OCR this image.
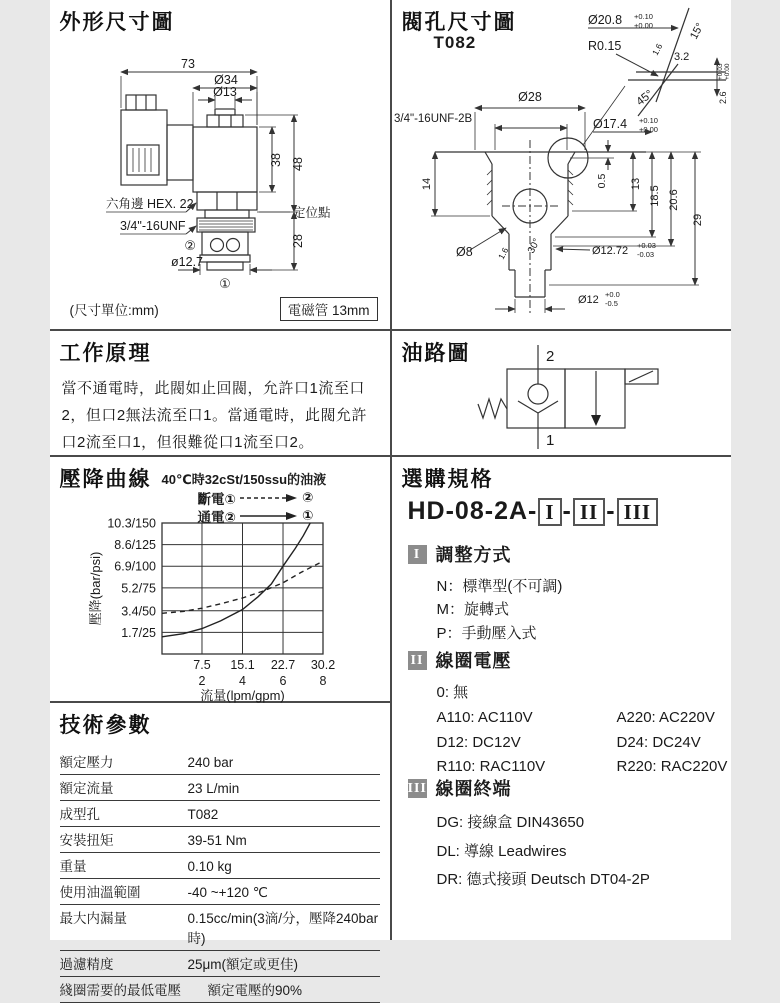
外形尺寸圖
73
Ø34
Ø13
定位點
②
ø12.7
①
38 48
28
六角邊 HEX. 22
3/4"-16UNF
(尺寸單位:mm)	電磁管 13mm
Ø20.8 +0.10
+0.00
R0.15
15°
1.6
3.2
45°	2.6
+0.03 +0.00
Ø17.4 +0.10
+0.00
Ø28
3/4"-16UNF-2B
14	0.5 13
18.5 20.6
29
Ø8	30°
1.6	Ø12.72 +0.03
-0.03
Ø12 +0.0
-0.5
閥孔尺寸圖
T082
工作原理
當不通電時，此閥如止回閥，允許口1流至口2，但口2無法流至口1。當通電時，此閥允許口2流至口1，但很難從口1流至口2。
2
1
油路圖
壓降曲線 40℃時32cSt/150ssu的油液
斷電①	②
通電②	①
7.5
2
15.1
4
22.7
6
30.2
8
10.3/150
8.6/125
6.9/100
5.2/75
3.4/50
1.7/25
流量(lpm/gpm)
壓降(bar/psi)
技術參數
額定壓力	240 bar
額定流量	23 L/min
成型孔	T082
安裝扭矩	39-51 Nm
重量	0.10 kg
使用油溫範圍	-40 ~+120 ℃
最大内漏量	0.15cc/min(3滴/分，壓降240bar時)
過濾精度	25μm(額定或更佳)
綫圈需要的最低電壓	額定電壓的90%
選購規格
HD-08-2A- I - II - III
I 調整方式
N：標準型(不可調)
M：旋轉式
P：手動壓入式
II 線圈電壓
0: 無
A110: AC110V	A220: AC220V
D12: DC12V	D24: DC24V
R110: RAC110V	R220: RAC220V
III 線圈終端
DG: 接線盒 DIN43650
DL: 導線 Leadwires
DR: 德式接頭 Deutsch DT04-2P
